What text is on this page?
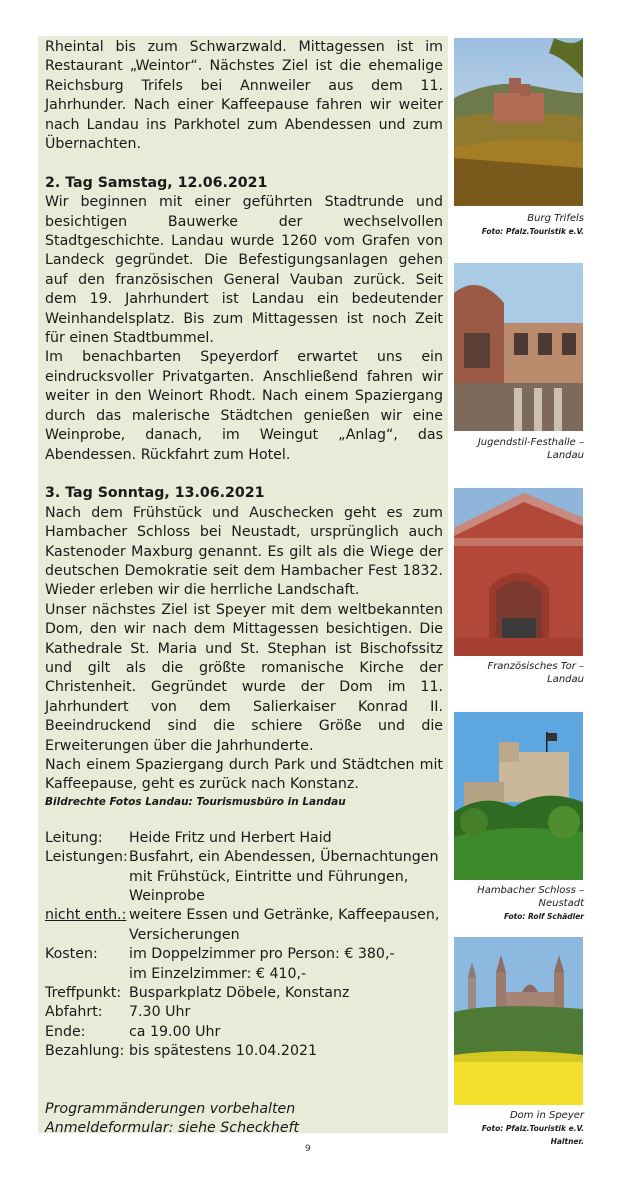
Rheintal bis zum Schwarzwald. Mittagessen ist im Restaurant „Weintor“. Nächstes Ziel ist die ehemalige Reichsburg Trifels bei Annweiler aus dem 11. Jahrhunder. Nach einer Kaffeepause fahren wir weiter nach Landau ins Parkhotel zum Abendessen und zum Übernachten.

2. Tag Samstag, 12.06.2021

Wir beginnen mit einer geführten Stadtrunde und besichtigen Bauwerke der wechselvollen Stadtgeschichte. Landau wurde 1260 vom Grafen von Landeck gegründet. Die Befestigungsanlagen gehen auf den französischen General Vauban zurück. Seit dem 19. Jahrhundert ist Landau ein bedeutender Weinhandelsplatz. Bis zum Mittagessen ist noch Zeit für einen Stadtbummel.

Im benachbarten Speyerdorf erwartet uns ein eindrucksvoller Privatgarten. Anschließend fahren wir weiter in den Weinort Rhodt. Nach einem Spaziergang durch das malerische Städtchen genießen wir eine Weinprobe, danach, im Weingut „Anlag“, das Abendessen. Rückfahrt zum Hotel.

3. Tag Sonntag, 13.06.2021

Nach dem Frühstück und Auschecken geht es zum Hambacher Schloss bei Neustadt, ursprünglich auch Kastenoder Maxburg genannt. Es gilt als die Wiege der deutschen Demokratie seit dem Hambacher Fest 1832. Wieder erleben wir die herrliche Landschaft.

Unser nächstes Ziel ist Speyer mit dem weltbekannten Dom, den wir nach dem Mittagessen besichtigen. Die Kathedrale St. Maria und St. Stephan ist Bischofssitz und gilt als die größte romanische Kirche der Christenheit. Gegründet wurde der Dom im 11. Jahrhundert von dem Salierkaiser Konrad II. Beeindruckend sind die schiere Größe und die Erweiterungen über die Jahrhunderte.

Nach einem Spaziergang durch Park und Städtchen mit Kaffeepause, geht es zurück nach Konstanz.

Bildrechte Fotos Landau: Tourismusbüro in Landau

Leitung:	Heide Fritz und Herbert Haid
Leistungen: Busfahrt, ein Abendessen, Übernachtungen mit Frühstück, Eintritte und Führungen, Weinprobe
nicht enth.: weitere Essen und Getränke, Kaffeepausen, Versicherungen
Kosten:	im Doppelzimmer pro Person: € 380,-
im Einzelzimmer: € 410,-
Treffpunkt: Busparkplatz Döbele, Konstanz
Abfahrt:	7.30 Uhr
Ende:	ca 19.00 Uhr
Bezahlung: bis spätestens 10.04.2021
Programmänderungen vorbehalten
Anmeldeformular: siehe Scheckheft
Burg Trifels
Foto: Pfalz.Touristik e.V.
Jugendstil-Festhalle – Landau
Französisches Tor – Landau
Hambacher Schloss – Neustadt
Foto: Rolf Schädler
Dom in Speyer
Foto: Pfalz.Touristik e.V. Haltner.
9
